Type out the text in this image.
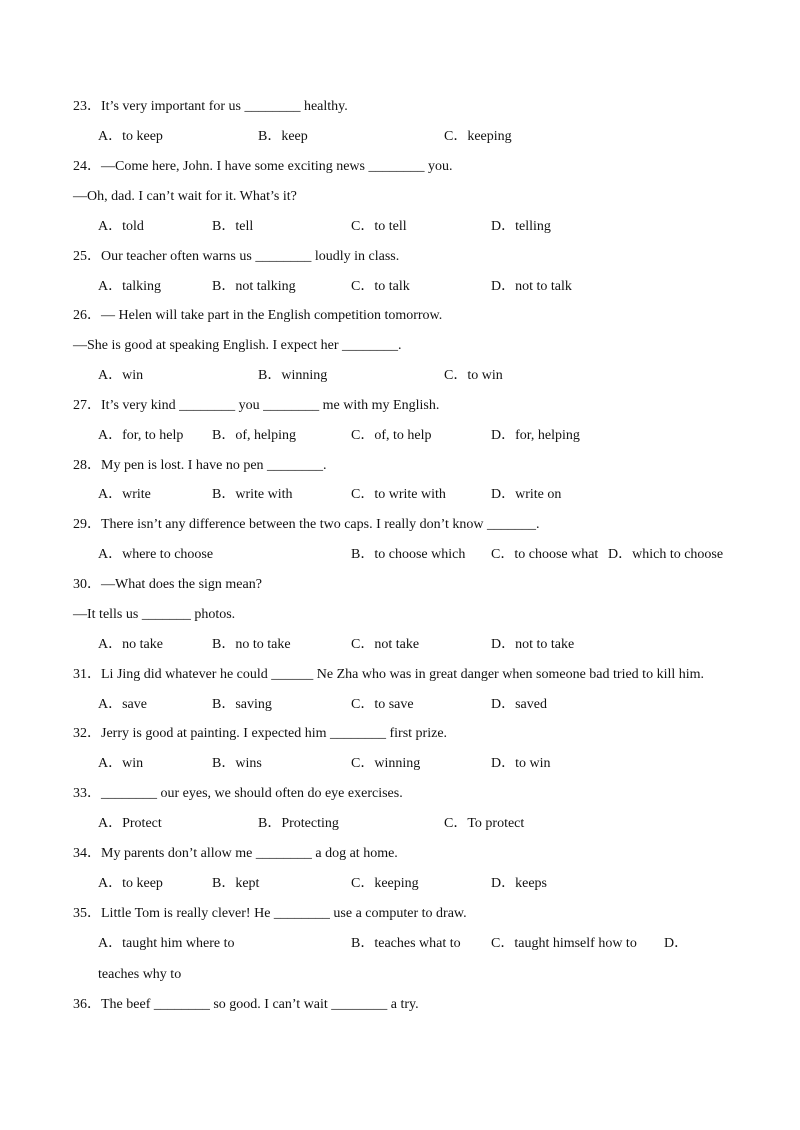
23．It’s very important for us ________ healthy.
A．to keep	B．keep	C．keeping
24．—Come here, John. I have some exciting news ________ you.
—Oh, dad. I can’t wait for it. What’s it?
A．told	B．tell	C．to tell	D．telling
25．Our teacher often warns us ________ loudly in class.
A．talking	B．not talking	C．to talk	D．not to talk
26．— Helen will take part in the English competition tomorrow.
—She is good at speaking English. I expect her ________.
A．win	B．winning	C．to win
27．It’s very kind ________ you ________ me with my English.
A．for, to help B．of, helping	C．of, to help	D．for, helping
28．My pen is lost. I have no pen ________.
A．write	B．write with	C．to write with	D．write on
29．There isn’t any difference between the two caps. I really don’t know _______.
A．where to choose	B．to choose which C．to choose what D．which to choose
30．—What does the sign mean?
—It tells us _______ photos.
A．no take	B．no to take	C．not take	D．not to take
31．Li Jing did whatever he could ______ Ne Zha who was in great danger when someone bad tried to kill him.
A．save	B．saving	C．to save	D．saved
32．Jerry is good at painting. I expected him ________ first prize.
A．win	B．wins	C．winning	D．to win
33．________ our eyes, we should often do eye exercises.
A．Protect	B．Protecting	C．To protect
34．My parents don’t allow me ________ a dog at home.
A．to keep	B．kept	C．keeping	D．keeps
35．Little Tom is really clever! He ________ use a computer to draw.
A．taught him where to	B．teaches what to C．taught himself how to D．
teaches why to
36．The beef ________ so good. I can’t wait ________ a try.
